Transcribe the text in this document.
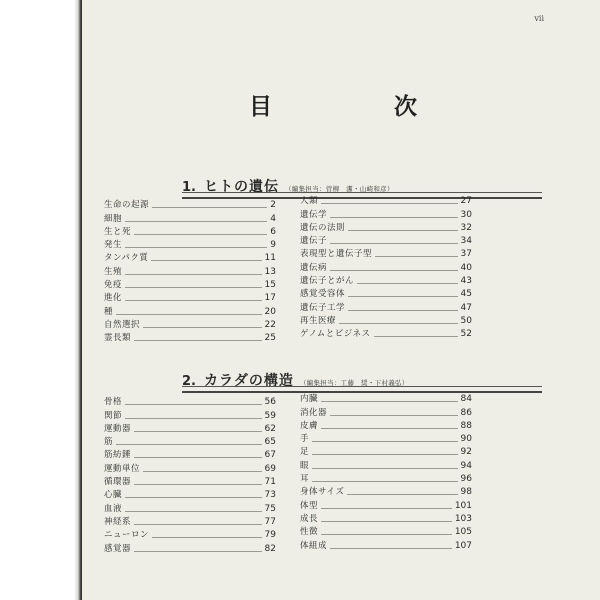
vii
目	次
1. ヒトの遺伝 （編集担当：菅柳　潔・山崎和彦）
生命の起源	2
細胞	4
生と死	6
発生	9
タンパク質	11
生殖	13
免疫	15
進化	17
種	20
自然選択	22
霊長類	25
人類	27
遺伝学	30
遺伝の法則	32
遺伝子	34
表現型と遺伝子型	37
遺伝病	40
遺伝子とがん	43
感覚受容体	45
遺伝子工学	47
再生医療	50
ゲノムとビジネス	52
2. カラダの構造 （編集担当：工藤　奨・下村義弘）
骨格	56
関節	59
運動器	62
筋	65
筋紡錘	67
運動単位	69
循環器	71
心臓	73
血液	75
神経系	77
ニューロン	79
感覚器	82
内臓	84
消化器	86
皮膚	88
手	90
足	92
眼	94
耳	96
身体サイズ	98
体型	101
成長	103
性徴	105
体組成	107
